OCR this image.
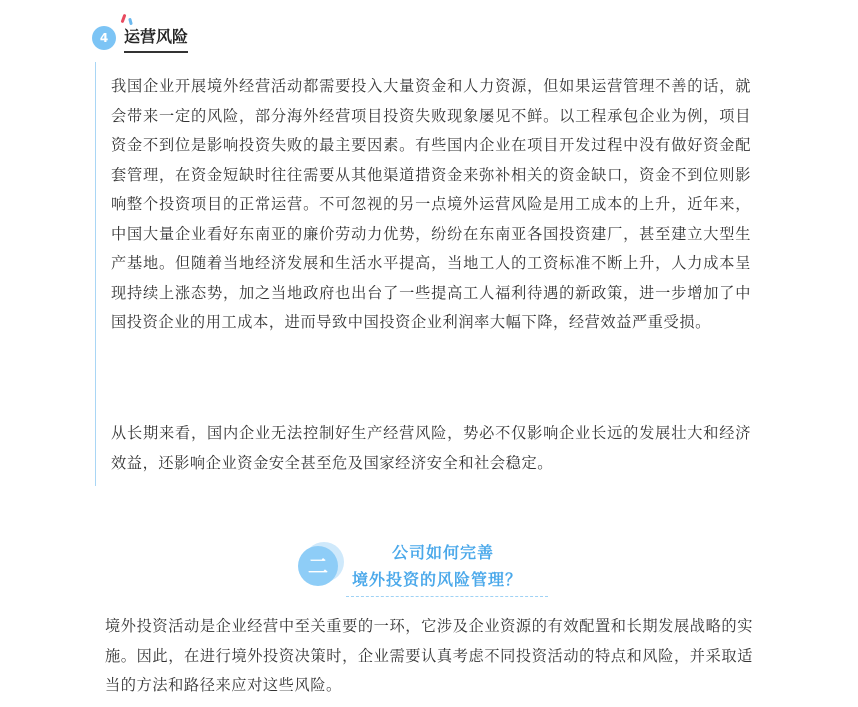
4 运营风险

我国企业开展境外经营活动都需要投入大量资金和人力资源，但如果运营管理不善的话，就会带来一定的风险，部分海外经营项目投资失败现象屡见不鲜。以工程承包企业为例，项目资金不到位是影响投资失败的最主要因素。有些国内企业在项目开发过程中没有做好资金配套管理，在资金短缺时往往需要从其他渠道措资金来弥补相关的资金缺口，资金不到位则影响整个投资项目的正常运营。不可忽视的另一点境外运营风险是用工成本的上升，近年来，中国大量企业看好东南亚的廉价劳动力优势，纷纷在东南亚各国投资建厂，甚至建立大型生产基地。但随着当地经济发展和生活水平提高，当地工人的工资标准不断上升，人力成本呈现持续上涨态势，加之当地政府也出台了一些提高工人福利待遇的新政策，进一步增加了中国投资企业的用工成本，进而导致中国投资企业利润率大幅下降，经营效益严重受损。

从长期来看，国内企业无法控制好生产经营风险，势必不仅影响企业长远的发展壮大和经济效益，还影响企业资金安全甚至危及国家经济安全和社会稳定。

二
公司如何完善
境外投资的风险管理？

境外投资活动是企业经营中至关重要的一环，它涉及企业资源的有效配置和长期发展战略的实施。因此，在进行境外投资决策时，企业需要认真考虑不同投资活动的特点和风险，并采取适当的方法和路径来应对这些风险。
